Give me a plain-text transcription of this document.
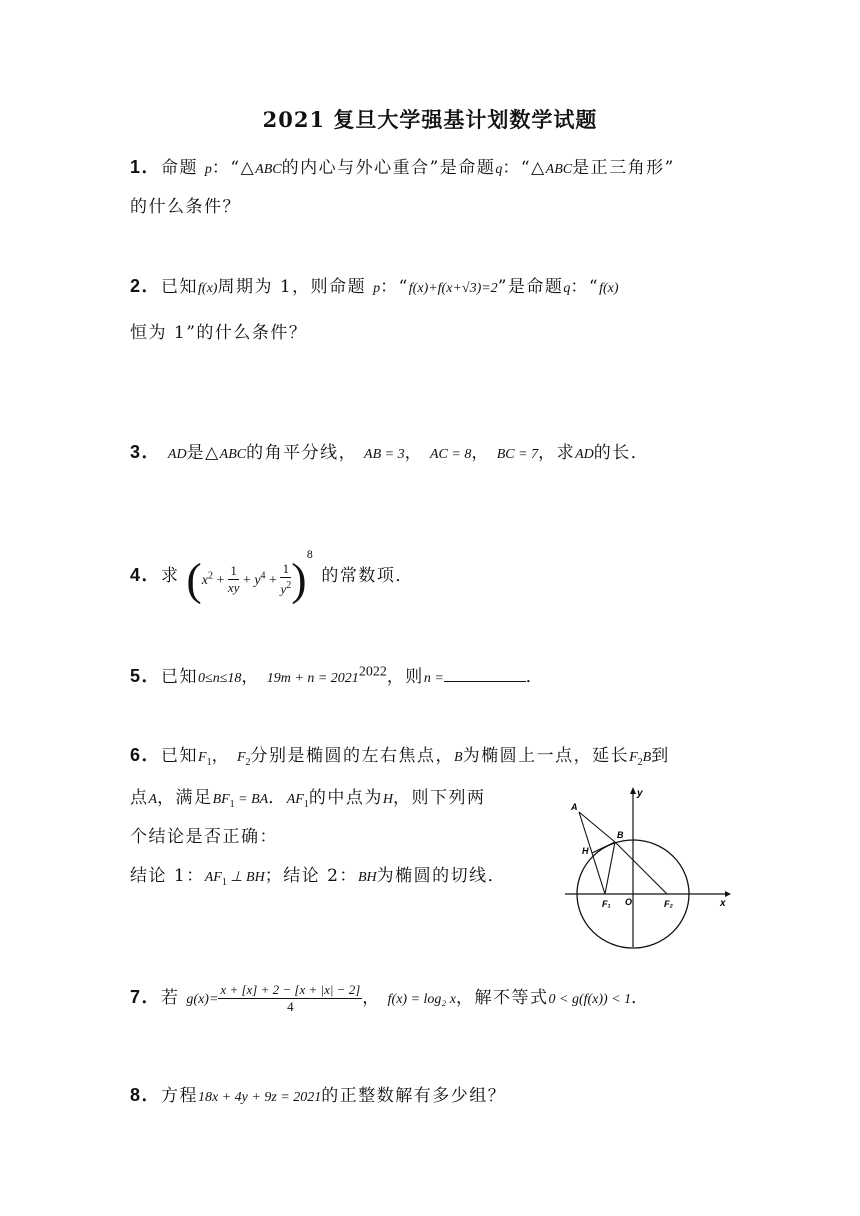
2021 复旦大学强基计划数学试题
1．命题 p：“△ABC的内心与外心重合”是命题q：“△ABC是正三角形”
的什么条件？
2．已知f(x)周期为 1，则命题 p：“f(x)+f(x+√3)=2”是命题q：“f(x)
恒为 1”的什么条件？
3． AD是△ABC的角平分线， AB = 3， AC = 8， BC = 7，求AD的长．
4．求 $(x^2 + \frac{1}{xy} + y^4 + \frac{1}{y^2} )^8$ 的常数项．
5．已知0≤n≤18， $19m + n = 2021^{2022}$，则n =	．
6．已知$F_1$， $F_2$分别是椭圆的左右焦点，B为椭圆上一点，延长$F_2B$到
点A，满足$BF_1$ = BA．$AF_1$的中点为H，则下列两
个结论是否正确：
结论 1：$AF_1$ ⊥ BH；结论 2：BH为椭圆的切线．
A
B
H
F₁	F₂
O	x
y
7．若 $g(x)= \frac{x + [x] + 2 - [x + |x| - 2]}{4}$ ， f(x) = log₂ x，解不等式0 < g(f(x)) < 1．
8．方程18x + 4y + 9z = 2021的正整数解有多少组？
